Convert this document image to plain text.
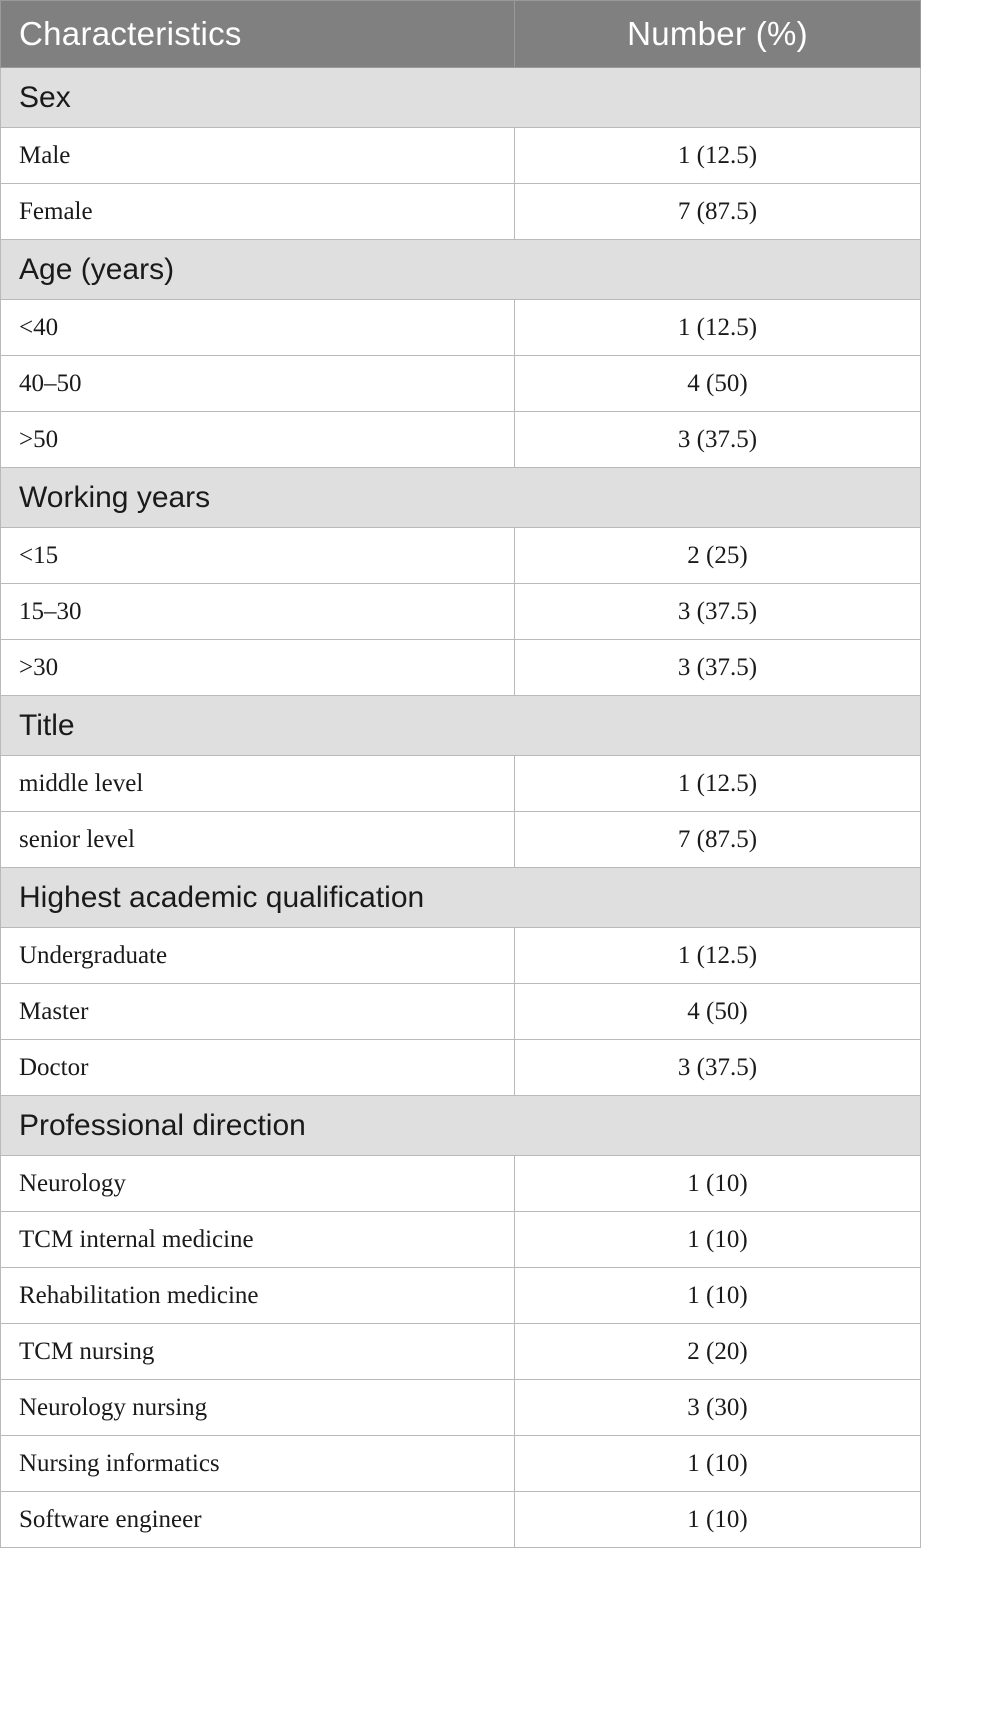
Characteristics	Number (%)
Sex	
Male	1 (12.5)
Female	7 (87.5)
Age (years)	
<40	1 (12.5)
40–50	4 (50)
>50	3 (37.5)
Working years	
<15	2 (25)
15–30	3 (37.5)
>30	3 (37.5)
Title	
middle level	1 (12.5)
senior level	7 (87.5)
Highest academic qualification	
Undergraduate	1 (12.5)
Master	4 (50)
Doctor	3 (37.5)
Professional direction	
Neurology	1 (10)
TCM internal medicine	1 (10)
Rehabilitation medicine	1 (10)
TCM nursing	2 (20)
Neurology nursing	3 (30)
Nursing informatics	1 (10)
Software engineer	1 (10)
